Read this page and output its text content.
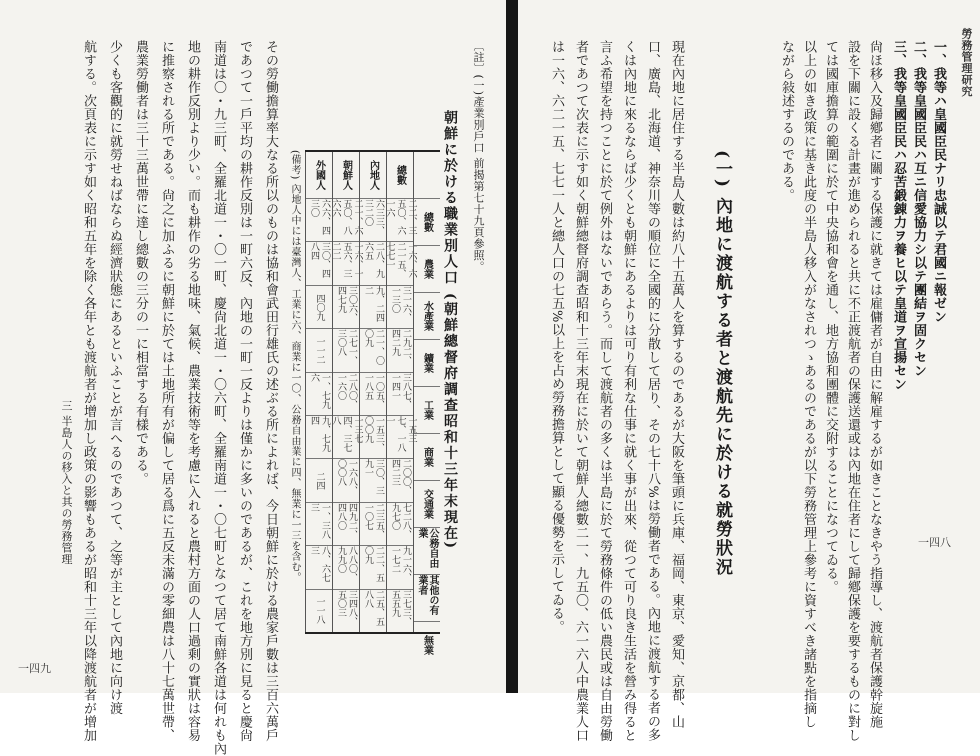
一四九
三 半島人の移入と其の勞務管理
〔註〕(一)產業別戶口 前揭第七十九頁參照。
朝鮮に於ける職業別人口 (朝鮮總督府調查昭和十三年末現在)
總數
農業
水產業
鑛業
工業
商業
交通業
公務自由業
其他の有業者
無業
總數
二二、三五〇、六一六
一六、六二一五、七七一
三一六、一三〇
二九二、四二九
三八七、一四一
一五三七、一八一
二〇〇、四二三
七二八、九七〇
九一六、一七二
三七三、五五九
內地人
六三三、三二〇
二八、九六五
九、二四二
二一、〇〇九
一〇五、一八五
一五三、〇〇九
三〇、三九一
二三五、一〇七
二二、五〇九
二五、五八八
朝鮮人
二一、六五〇、八六六
一六、一五六、三二二
三〇六、四七九
二七一、三〇八
二八〇、一六〇
一三七四、三七八
一六八、〇〇八
四九二、四八〇
八八〇、九九〇
三四八、五〇三
外國人
六六、四三〇
三〇、四八四
四〇九
一一二
一、七九六
九、七九四
二四
一、三八三
八、六七三
一一八
(備考) 內地人中には臺灣人、工業に六、商業に一〇、公務自由業に四、無業に一三を含む。
その勞働擔算率大なる所以のものは協和會武田行雄氏の述ぶる所によれば、今日朝鮮に於ける農家戶數は三百六萬戶
であつて一戶平均の耕作反別は一町六反、內地の一町一反よりは僅かに多いのであるが、これを地方別に見ると慶尙
南道は〇・九三町、全羅北道一・〇一町、慶尙北道一・〇六町、全羅南道一・〇七町となつて居て南鮮各道は何れも內
地の耕作反別より少い。而も耕作の劣る地味、氣候、農業技術等を考慮に入れると農村方面の人口過剩の實狀は容易
に推察される所である。尙之に加ふるに朝鮮に於ては土地所有が偏して居る爲に五反未滿の零細農は八十七萬世帶、
農業勞働者は三十三萬世帶に達し總數の三分の一に相當する有樣である。
少くも客觀的に就勞せねばならぬ經濟狀態にあるといふことが言へるのであつて、之等が主として內地に向け渡
航する。次頁表に示す如く昭和五年を除く各年とも渡航者が增加し政策の影響もあるが昭和十三年以降渡航者が增加	勞務管理研究
一四八
一、我等ハ皇國臣民ナリ忠誠以テ君國ニ報ゼン
二、我等皇國臣民ハ互ニ信愛協力シ以テ團結ヲ固クセン
三、我等皇國臣民ハ忍苦鍛錬力ヲ養ヒ以テ皇道ヲ宣揚セン
尙ほ移入及歸鄕者に關する保護に就きては雇傭者が自由に解雇するが如きことなきやう指導し、渡航者保護幹旋施
設を下關に設くる計畫が進められると共に不正渡航者の保護送還或は內地在住者にして歸鄕保護を要するものに對し
ては國庫擔算の範圍に於て中央協和會を通し、地方協和團體に交附することになつてゐる。
以上の如き政策に基き此度の半島人移入がなされつゝあるのであるが以下勞務管理上參考に資すべき諸點を指摘し
ながら敍述するのである。
(一) 內地に渡航する者と渡航先に於ける就勞狀況
現在內地に居住する半島人數は約八十五萬人を算するのであるが大阪を筆頭に兵庫、福岡、東京、愛知、京都、山
口、廣島、北海道、神奈川等の順位に全國的に分散して居り、その七十八%は勞働者である。內地に渡航する者の多
くは內地に來るならば少くとも朝鮮にあるよりは可り有利な仕事に就く事が出來、從つて可り良き生活を營み得ると
言ふ希望を持つことに於て例外はないであらう。而して渡航者の多くは半島に於て勞務條件の低い農民或は自由勞働
者であつて次表に示す如く朝鮮總督府調查昭和十三年末現在に於いて朝鮮人總數二一、九五〇、六一六人中農業人口
は一六、六二一五、七七一人と總人口の七五%以上を占め勞務擔算として顯る優勢を示してゐる。
